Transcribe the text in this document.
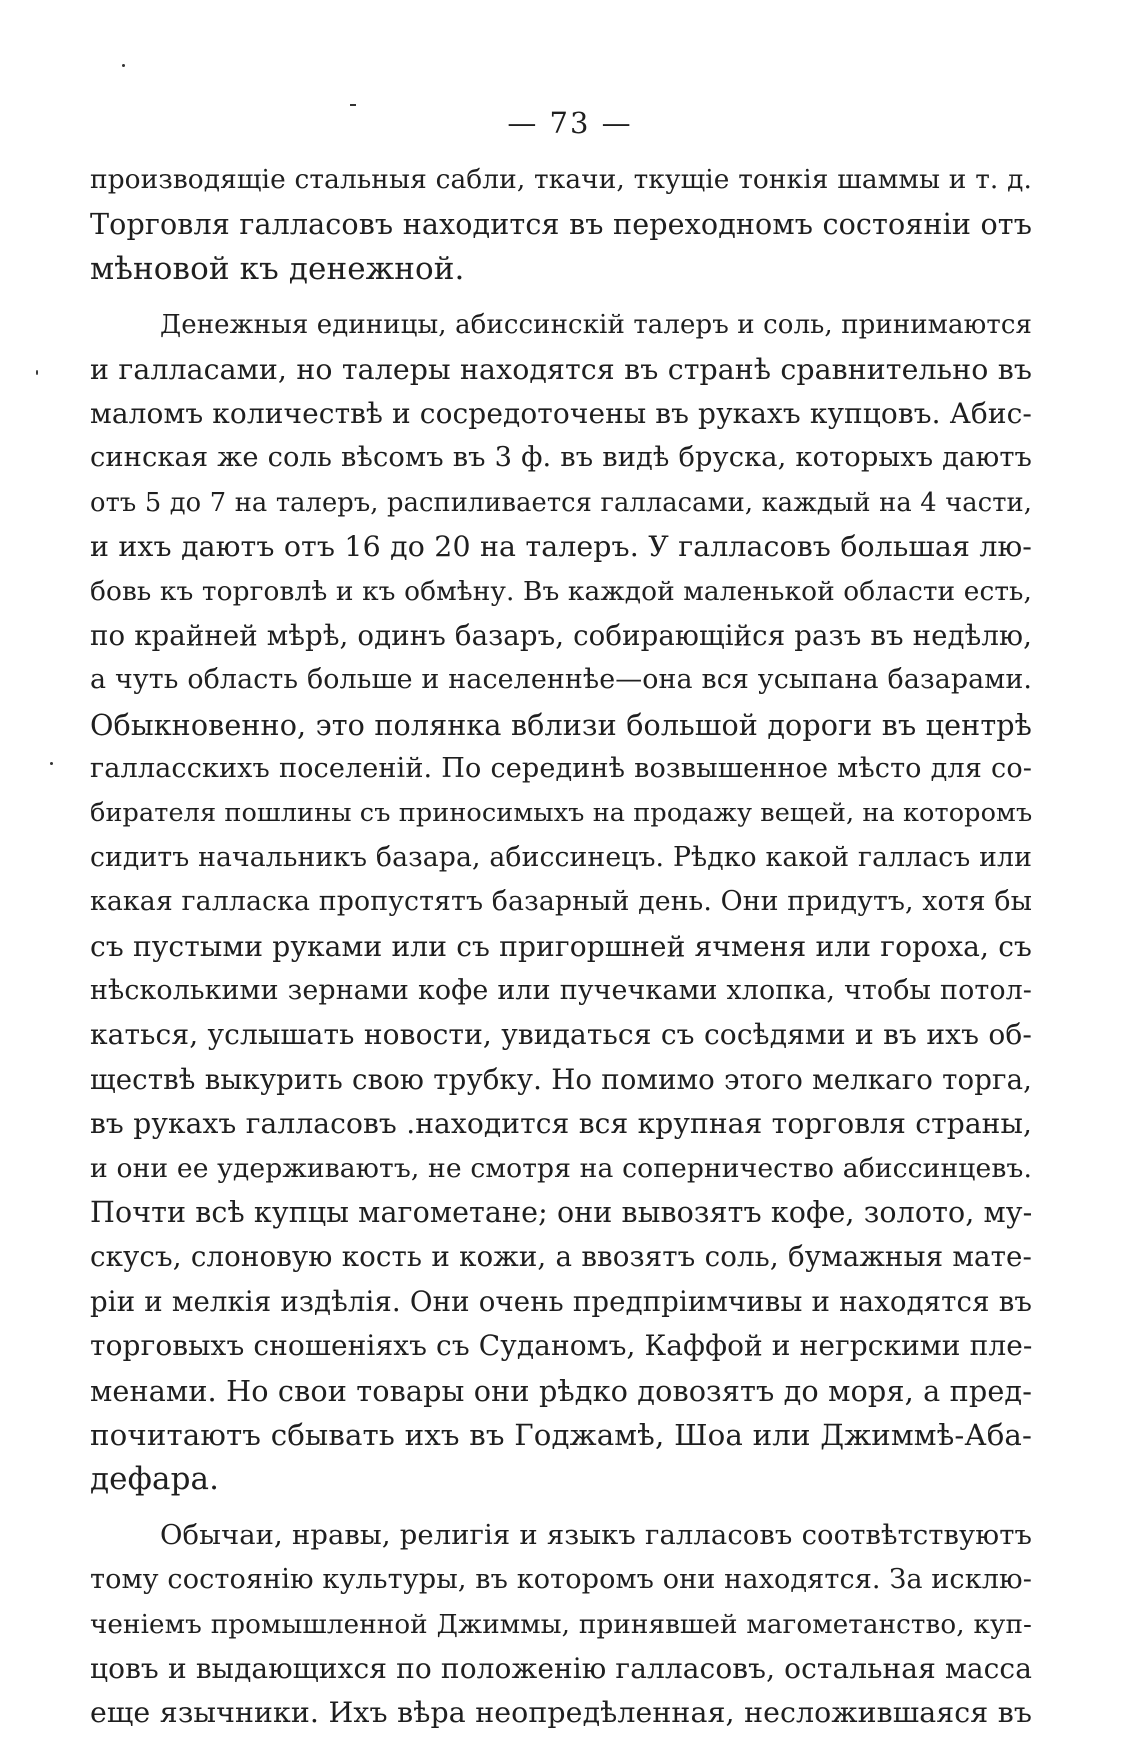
— 73 —
производящіе стальныя сабли, ткачи, ткущіе тонкія шаммы и т. д.
Торговля галласовъ находится въ переходномъ состояніи отъ
мѣновой къ денежной.
Денежныя единицы, абиссинскій талеръ и соль, принимаются
и галласами, но талеры находятся въ странѣ сравнительно въ
маломъ количествѣ и сосредоточены въ рукахъ купцовъ. Абис-
синская же соль вѣсомъ въ 3 ф. въ видѣ бруска, которыхъ даютъ
отъ 5 до 7 на талеръ, распиливается галласами, каждый на 4 части,
и ихъ даютъ отъ 16 до 20 на талеръ. У галласовъ большая лю-
бовь къ торговлѣ и къ обмѣну. Въ каждой маленькой области есть,
по крайней мѣрѣ, одинъ базаръ, собирающійся разъ въ недѣлю,
а чуть область больше и населеннѣе—она вся усыпана базарами.
Обыкновенно, это полянка вблизи большой дороги въ центрѣ
галласскихъ поселеній. По серединѣ возвышенное мѣсто для со-
бирателя пошлины съ приносимыхъ на продажу вещей, на которомъ
сидитъ начальникъ базара, абиссинецъ. Рѣдко какой галласъ или
какая галласка пропустятъ базарный день. Они придутъ, хотя бы
съ пустыми руками или съ пригоршней ячменя или гороха, съ
нѣсколькими зернами кофе или пучечками хлопка, чтобы потол-
каться, услышать новости, увидаться съ сосѣдями и въ ихъ об-
ществѣ выкурить свою трубку. Но помимо этого мелкаго торга,
въ рукахъ галласовъ .находится вся крупная торговля страны,
и они ее удерживаютъ, не смотря на соперничество абиссинцевъ.
Почти всѣ купцы магометане; они вывозятъ кофе, золото, му-
скусъ, слоновую кость и кожи, а ввозятъ соль, бумажныя мате-
ріи и мелкія издѣлія. Они очень предпріимчивы и находятся въ
торговыхъ сношеніяхъ съ Суданомъ, Каффой и негрскими пле-
менами. Но свои товары они рѣдко довозятъ до моря, а пред-
почитаютъ сбывать ихъ въ Годжамѣ, Шоа или Джиммѣ-Аба-
дефара.
Обычаи, нравы, религія и языкъ галласовъ соотвѣтствуютъ
тому состоянію культуры, въ которомъ они находятся. За исклю-
ченіемъ промышленной Джиммы, принявшей магометанство, куп-
цовъ и выдающихся по положенію галласовъ, остальная масса
еще язычники. Ихъ вѣра неопредѣленная, несложившаяся въ
